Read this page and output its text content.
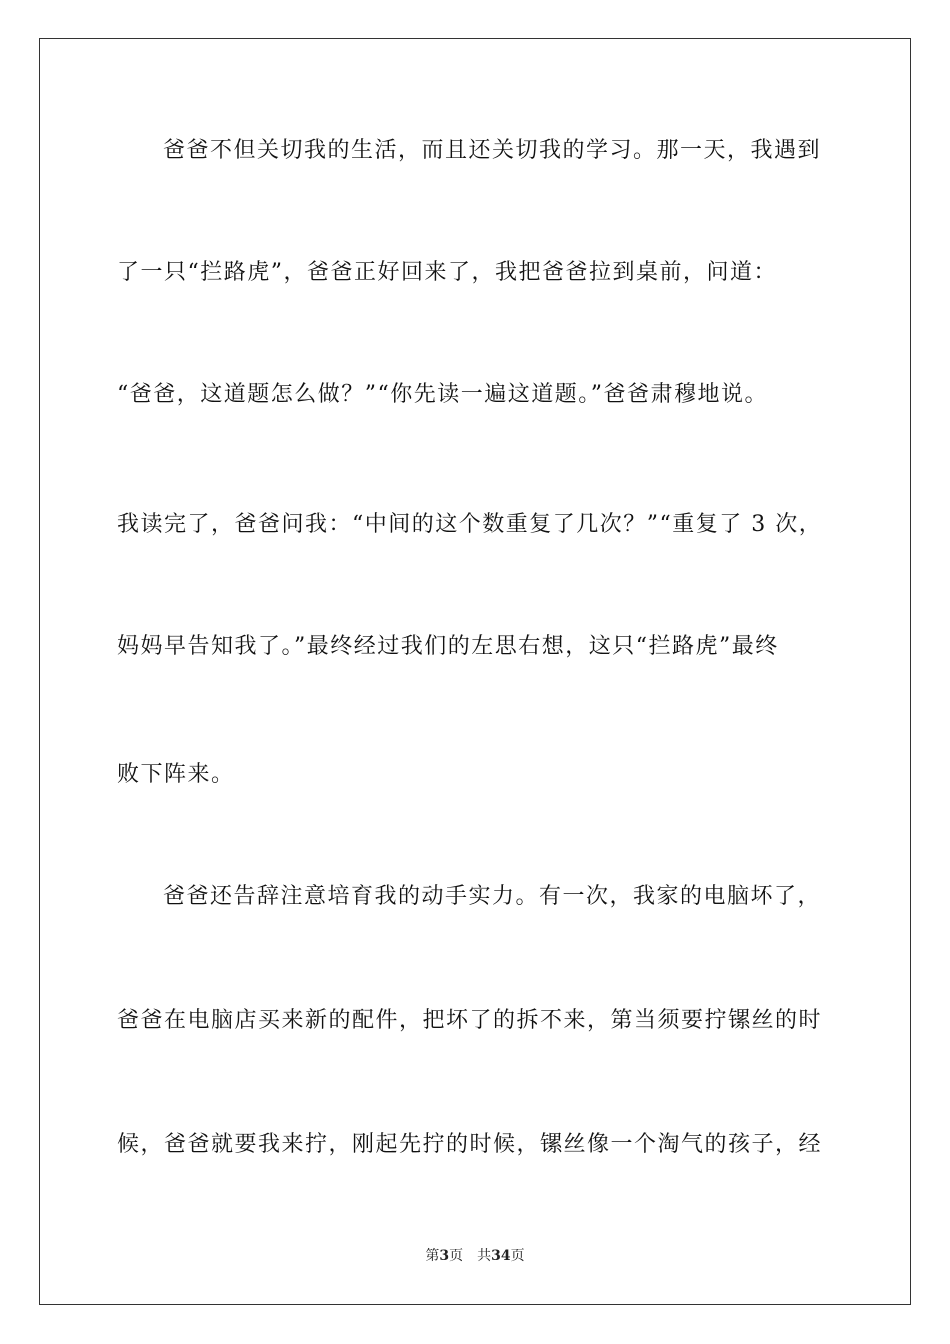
爸爸不但关切我的生活，而且还关切我的学习。那一天，我遇到
了一只“拦路虎”，爸爸正好回来了，我把爸爸拉到桌前，问道：
“爸爸，这道题怎么做？”“你先读一遍这道题。”爸爸肃穆地说。
我读完了，爸爸问我：“中间的这个数重复了几次？”“重复了 3 次，
妈妈早告知我了。”最终经过我们的左思右想，这只“拦路虎”最终
败下阵来。
爸爸还告辞注意培育我的动手实力。有一次，我家的电脑坏了，
爸爸在电脑店买来新的配件，把坏了的拆不来，第当须要拧镙丝的时
候，爸爸就要我来拧，刚起先拧的时候，镙丝像一个淘气的孩子，经
第3页 共34页
